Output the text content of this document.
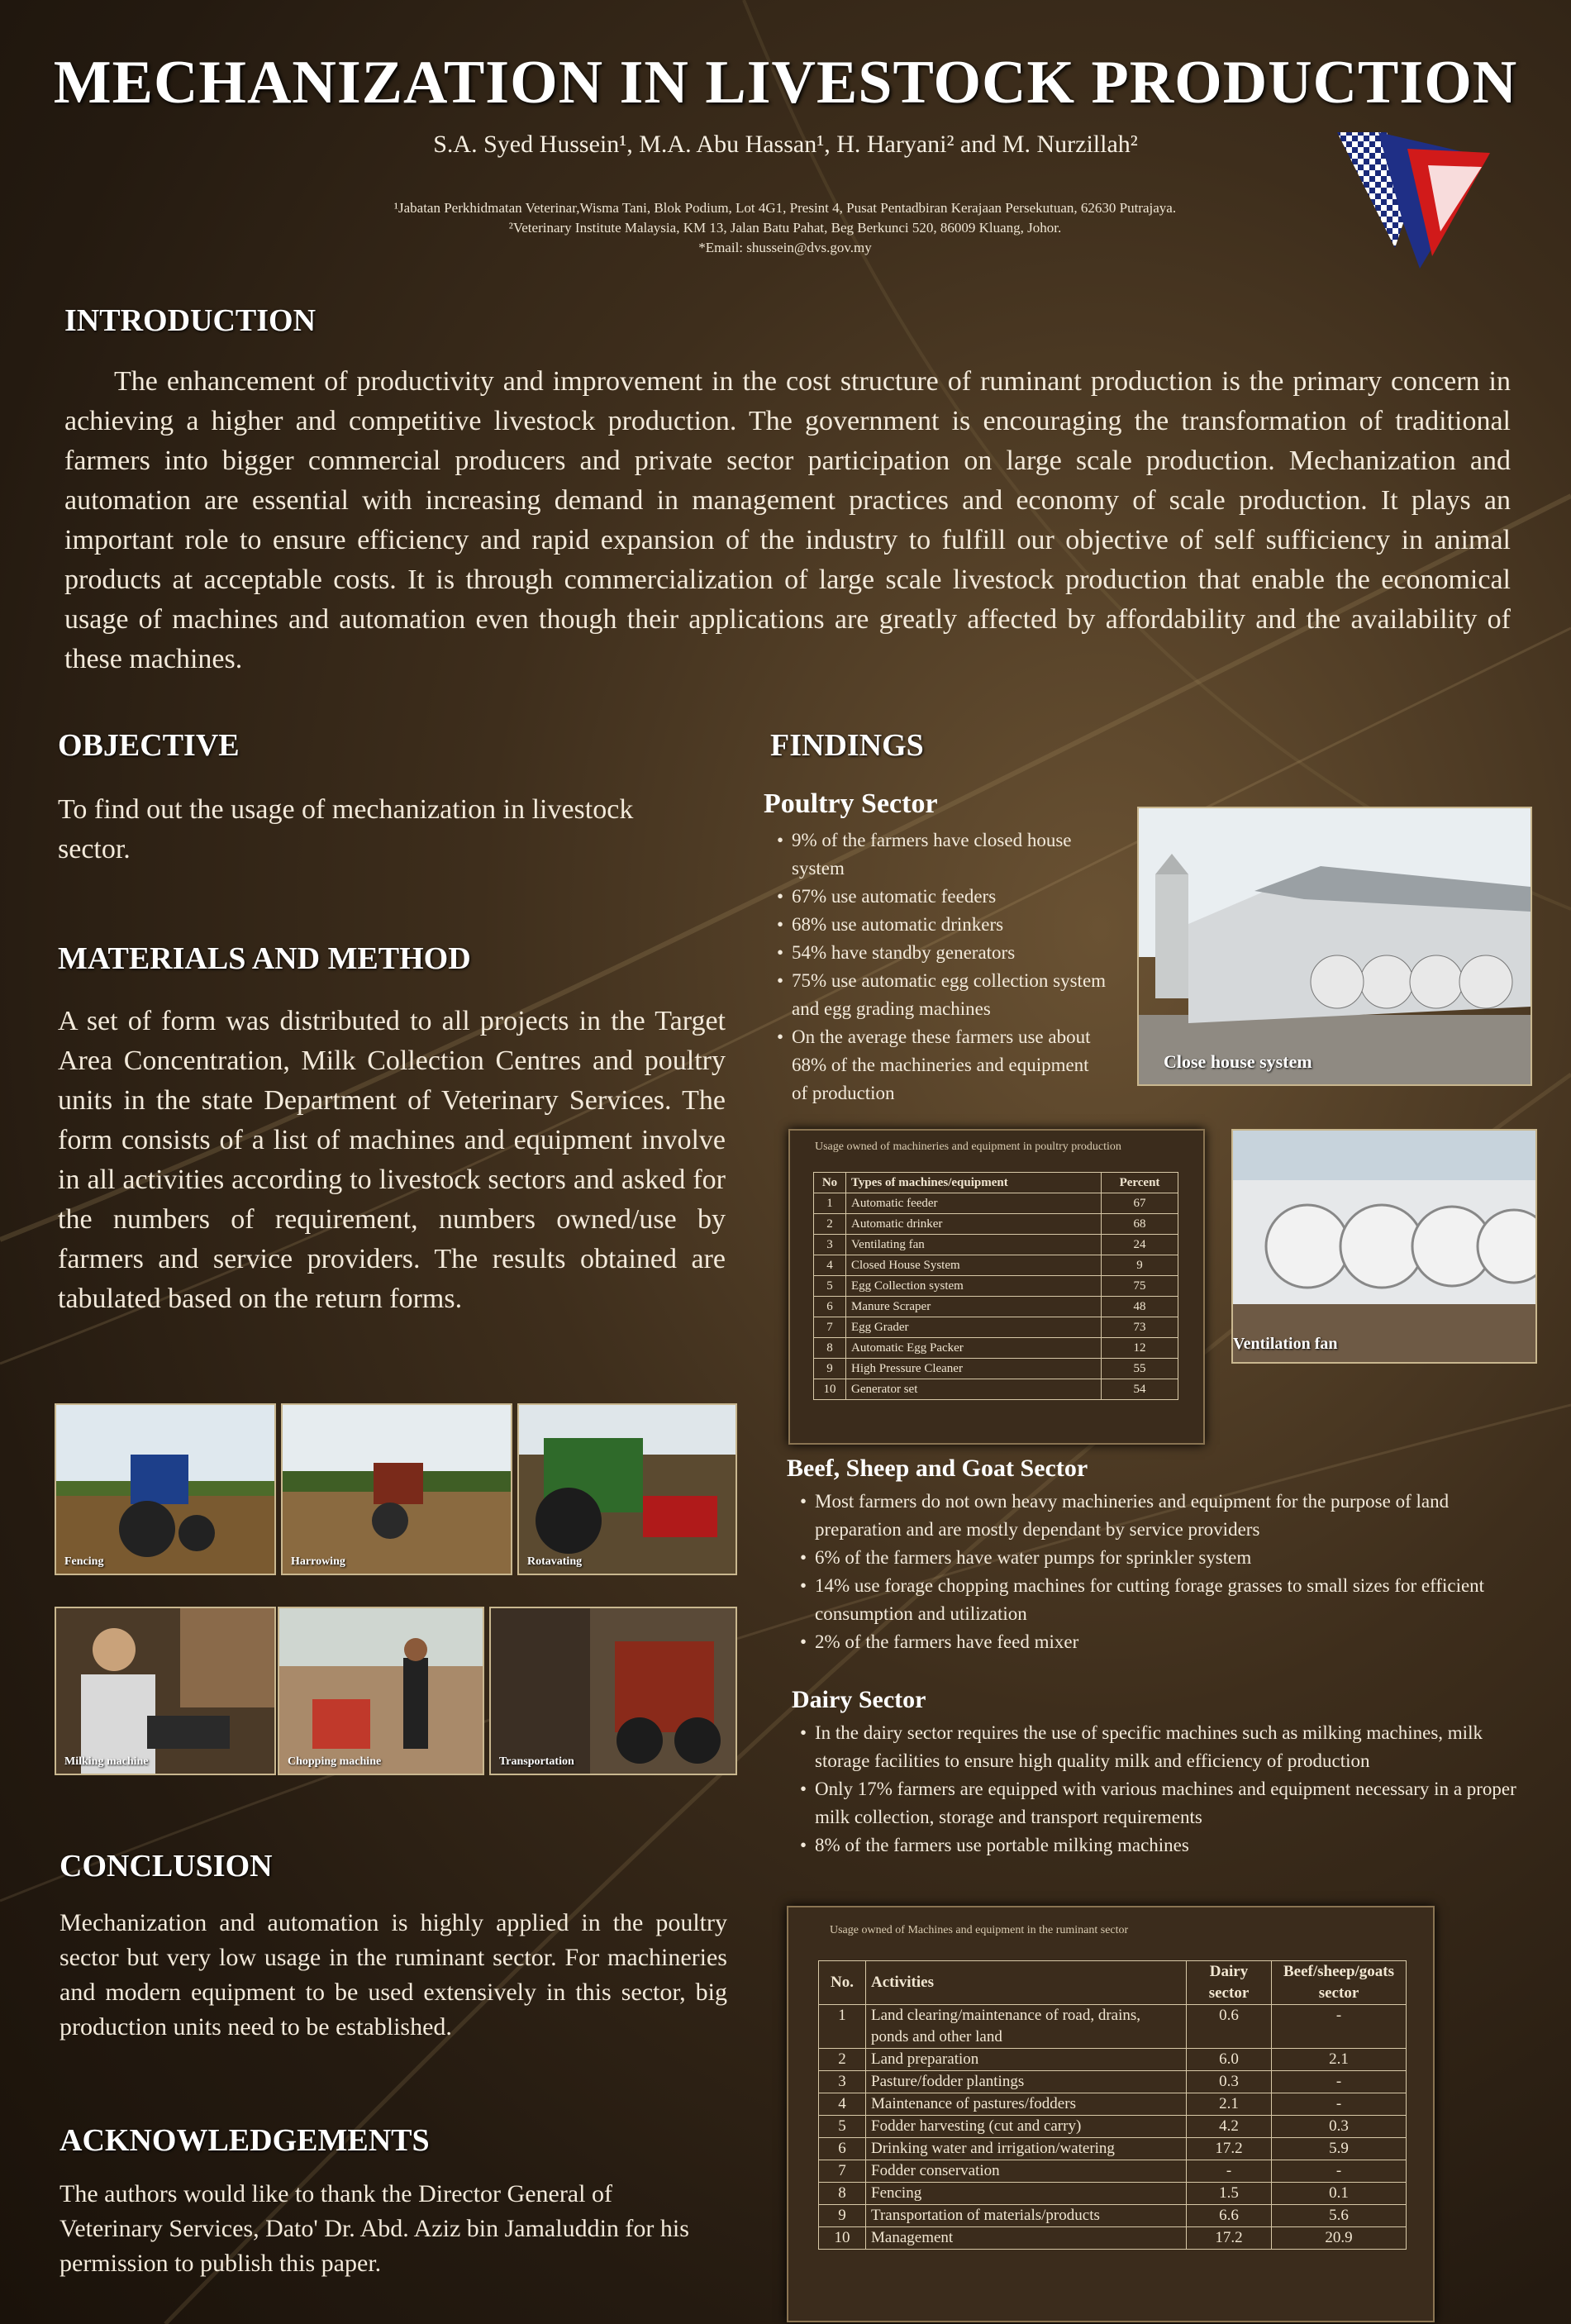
MECHANIZATION IN LIVESTOCK PRODUCTION
S.A. Syed Hussein¹, M.A. Abu Hassan¹, H. Haryani² and M. Nurzillah²
¹Jabatan Perkhidmatan Veterinar,Wisma Tani, Blok Podium, Lot 4G1, Presint 4, Pusat Pentadbiran Kerajaan Persekutuan, 62630 Putrajaya.
²Veterinary Institute Malaysia, KM 13, Jalan Batu Pahat, Beg Berkunci 520, 86009 Kluang, Johor.
*Email: shussein@dvs.gov.my
INTRODUCTION
The enhancement of productivity and improvement in the cost structure of ruminant production is the primary concern in achieving a higher and competitive livestock production. The government is encouraging the transformation of traditional farmers into bigger commercial producers and private sector participation on large scale production. Mechanization and automation are essential with increasing demand in management practices and economy of scale production. It plays an important role to ensure efficiency and rapid expansion of the industry to fulfill our objective of self sufficiency in animal products at acceptable costs. It is through commercialization of large scale livestock production that enable the economical usage of machines and automation even though their applications are greatly affected by affordability and the availability of these machines.
OBJECTIVE
To find out the usage of mechanization in livestock sector.
MATERIALS AND METHOD
A set of form was distributed to all projects in the Target Area Concentration, Milk Collection Centres and poultry units in the state Department of Veterinary Services. The form consists of a list of machines and equipment involve in all activities according to livestock sectors and asked for the numbers of requirement, numbers owned/use by farmers and service providers. The results obtained are tabulated based on the return forms.
Fencing	Harrowing	Rotavating
Milking machine	Chopping machine	Transportation
CONCLUSION
Mechanization and automation is highly applied in the poultry sector but very low usage in the ruminant sector. For machineries and modern equipment to be used extensively in this sector, big production units need to be established.
ACKNOWLEDGEMENTS
The authors would like to thank the Director General of Veterinary Services, Dato' Dr. Abd. Aziz bin Jamaluddin for his permission to publish this paper.
FINDINGS
Poultry Sector
• 9% of the farmers have closed house system
• 67% use automatic feeders
• 68% use automatic drinkers
• 54% have standby generators
• 75% use automatic egg collection system and egg grading machines
• On the average these farmers use about 68% of the machineries and equipment of production
Close house system
Usage owned of machineries and equipment in poultry production
No	Types of machines/equipment	Percent
1	Automatic feeder	67
2	Automatic drinker	68
3	Ventilating fan	24
4	Closed House System	9
5	Egg Collection system	75
6	Manure Scraper	48
7	Egg Grader	73
8	Automatic Egg Packer	12
9	High Pressure Cleaner	55
10	Generator set	54
Ventilation fan
Beef, Sheep and Goat Sector
• Most farmers do not own heavy machineries and equipment for the purpose of land preparation and are mostly dependant by service providers
• 6% of the farmers have water pumps for sprinkler system
• 14% use forage chopping machines for cutting forage grasses to small sizes for efficient consumption and utilization
• 2% of the farmers have feed mixer
Dairy Sector
• In the dairy sector requires the use of specific machines such as milking machines, milk storage facilities to ensure high quality milk and efficiency of production
• Only 17% farmers are equipped with various machines and equipment necessary in a proper milk collection, storage and transport requirements
• 8% of the farmers use portable milking machines
Usage owned of Machines and equipment in the ruminant sector
No.	Activities	Dairy sector	Beef/sheep/goats sector
1	Land clearing/maintenance of road, drains, ponds and other land	0.6	-
2	Land preparation	6.0	2.1
3	Pasture/fodder plantings	0.3	-
4	Maintenance of pastures/fodders	2.1	-
5	Fodder harvesting (cut and carry)	4.2	0.3
6	Drinking water and irrigation/watering	17.2	5.9
7	Fodder conservation	-	-
8	Fencing	1.5	0.1
9	Transportation of materials/products	6.6	5.6
10	Management	17.2	20.9
